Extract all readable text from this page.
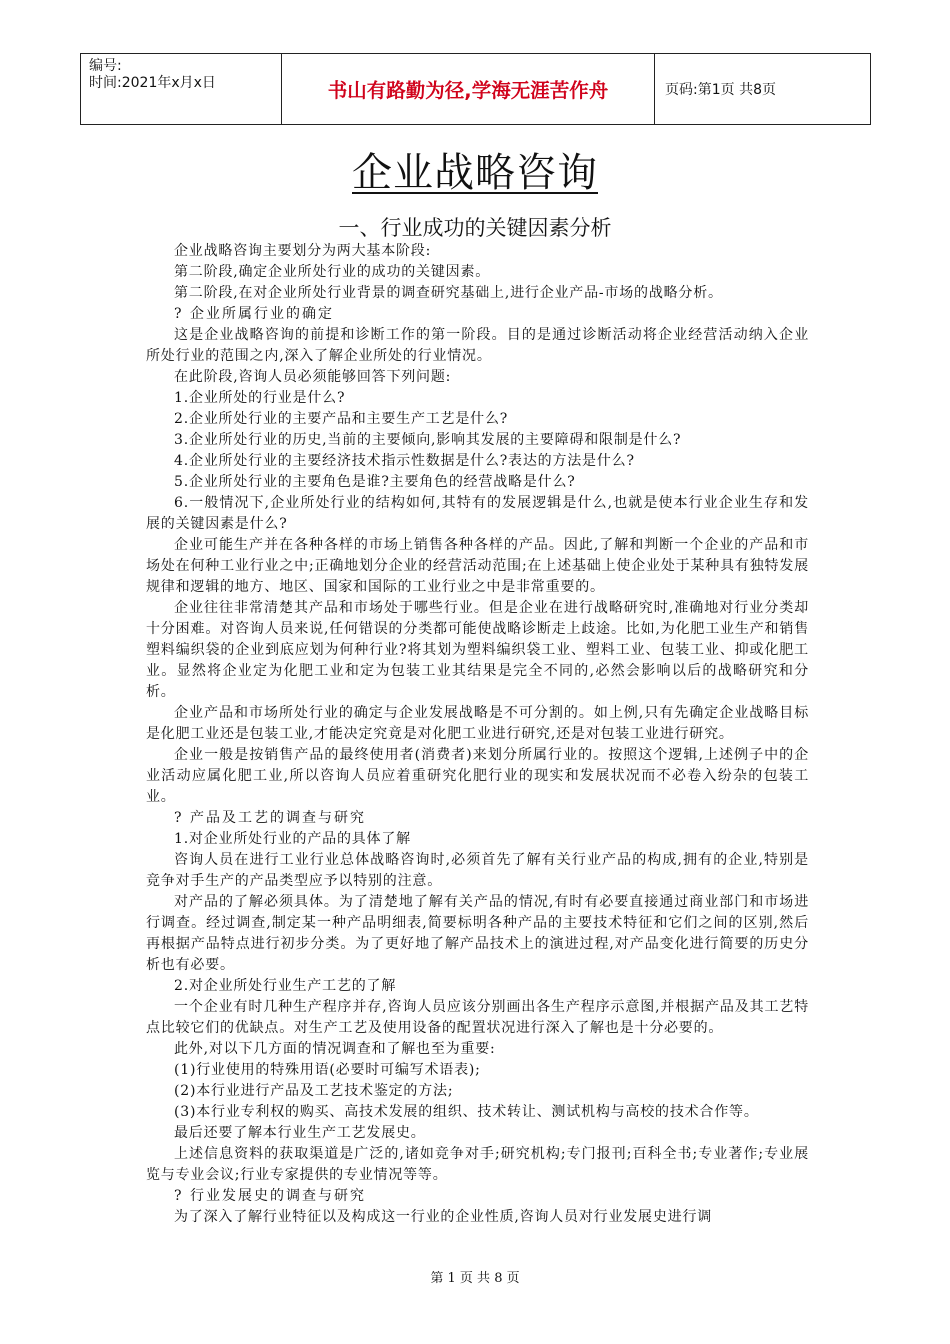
编号:
时间:2021年x月x日	书山有路勤为径,学海无涯苦作舟	页码:第1页 共8页
企业战略咨询
一、行业成功的关键因素分析

企业战略咨询主要划分为两大基本阶段:

第二阶段,确定企业所处行业的成功的关键因素。

第二阶段,在对企业所处行业背景的调查研究基础上,进行企业产品-市场的战略分析。

? 企业所属行业的确定

这是企业战略咨询的前提和诊断工作的第一阶段。目的是通过诊断活动将企业经营活动纳入企业所处行业的范围之内,深入了解企业所处的行业情况。

在此阶段,咨询人员必须能够回答下列问题:

1.企业所处的行业是什么?

2.企业所处行业的主要产品和主要生产工艺是什么?

3.企业所处行业的历史,当前的主要倾向,影响其发展的主要障碍和限制是什么?

4.企业所处行业的主要经济技术指示性数据是什么?表达的方法是什么?

5.企业所处行业的主要角色是谁?主要角色的经营战略是什么?

6.一般情况下,企业所处行业的结构如何,其特有的发展逻辑是什么,也就是使本行业企业生存和发展的关键因素是什么?

企业可能生产并在各种各样的市场上销售各种各样的产品。因此,了解和判断一个企业的产品和市场处在何种工业行业之中;正确地划分企业的经营活动范围;在上述基础上使企业处于某种具有独特发展规律和逻辑的地方、地区、国家和国际的工业行业之中是非常重要的。

企业往往非常清楚其产品和市场处于哪些行业。但是企业在进行战略研究时,准确地对行业分类却十分困难。对咨询人员来说,任何错误的分类都可能使战略诊断走上歧途。比如,为化肥工业生产和销售塑料编织袋的企业到底应划为何种行业?将其划为塑料编织袋工业、塑料工业、包装工业、抑或化肥工业。显然将企业定为化肥工业和定为包装工业其结果是完全不同的,必然会影响以后的战略研究和分析。

企业产品和市场所处行业的确定与企业发展战略是不可分割的。如上例,只有先确定企业战略目标是化肥工业还是包装工业,才能决定究竟是对化肥工业进行研究,还是对包装工业进行研究。

企业一般是按销售产品的最终使用者(消费者)来划分所属行业的。按照这个逻辑,上述例子中的企业活动应属化肥工业,所以咨询人员应着重研究化肥行业的现实和发展状况而不必卷入纷杂的包装工业。

? 产品及工艺的调查与研究

1.对企业所处行业的产品的具体了解

咨询人员在进行工业行业总体战略咨询时,必须首先了解有关行业产品的构成,拥有的企业,特别是竞争对手生产的产品类型应予以特别的注意。

对产品的了解必须具体。为了清楚地了解有关产品的情况,有时有必要直接通过商业部门和市场进行调查。经过调查,制定某一种产品明细表,简要标明各种产品的主要技术特征和它们之间的区别,然后再根据产品特点进行初步分类。为了更好地了解产品技术上的演进过程,对产品变化进行简要的历史分析也有必要。

2.对企业所处行业生产工艺的了解

一个企业有时几种生产程序并存,咨询人员应该分别画出各生产程序示意图,并根据产品及其工艺特点比较它们的优缺点。对生产工艺及使用设备的配置状况进行深入了解也是十分必要的。

此外,对以下几方面的情况调查和了解也至为重要:

(1)行业使用的特殊用语(必要时可编写术语表);

(2)本行业进行产品及工艺技术鉴定的方法;

(3)本行业专利权的购买、高技术发展的组织、技术转让、测试机构与高校的技术合作等。

最后还要了解本行业生产工艺发展史。

上述信息资料的获取渠道是广泛的,诸如竞争对手;研究机构;专门报刊;百科全书;专业著作;专业展览与专业会议;行业专家提供的专业情况等等。

? 行业发展史的调查与研究

为了深入了解行业特征以及构成这一行业的企业性质,咨询人员对行业发展史进行调

第 1 页 共 8 页
